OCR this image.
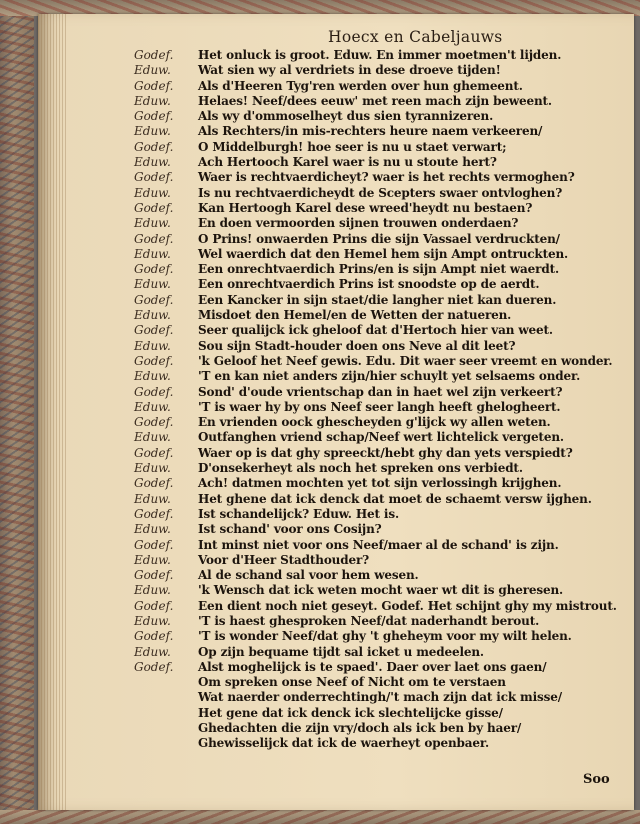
Hoecx en Cabeljauws
Godef.	Het onluck is groot. Eduw. En immer moetmen't lijden.
Eduw.	Wat sien wy al verdriets in dese droeve tijden!
Godef.	Als d'Heeren Tyg'ren werden over hun ghemeent.
Eduw.	Helaes! Neef/dees eeuw' met reen mach zijn beweent.
Godef.	Als wy d'ommoselheyt dus sien tyrannizeren.
Eduw.	Als Rechters/in mis-rechters heure naem verkeeren/
Godef.	O Middelburgh! hoe seer is nu u staet verwart;
Eduw.	Ach Hertooch Karel waer is nu u stoute hert?
Godef.	Waer is rechtvaerdicheyt? waer is het rechts vermoghen?
Eduw.	Is nu rechtvaerdicheydt de Scepters swaer ontvloghen?
Godef.	Kan Hertoogh Karel dese wreed'heydt nu bestaen?
Eduw.	En doen vermoorden sijnen trouwen onderdaen?
Godef.	O Prins! onwaerden Prins die sijn Vassael verdruckten/
Eduw.	Wel waerdich dat den Hemel hem sijn Ampt ontruckten.
Godef.	Een onrechtvaerdich Prins/en is sijn Ampt niet waerdt.
Eduw.	Een onrechtvaerdich Prins ist snoodste op de aerdt.
Godef.	Een Kancker in sijn staet/die langher niet kan dueren.
Eduw.	Misdoet den Hemel/en de Wetten der natueren.
Godef.	Seer qualijck ick gheloof dat d'Hertoch hier van weet.
Eduw.	Sou sijn Stadt-houder doen ons Neve al dit leet?
Godef.	'k Geloof het Neef gewis. Edu. Dit waer seer vreemt en wonder.
Eduw.	'T en kan niet anders zijn/hier schuylt yet selsaems onder.
Godef.	Sond' d'oude vrientschap dan in haet wel zijn verkeert?
Eduw.	'T is waer hy by ons Neef seer langh heeft ghelogheert.
Godef.	En vrienden oock ghescheyden g'lijck wy allen weten.
Eduw.	Outfanghen vriend schap/Neef wert lichtelick vergeten.
Godef.	Waer op is dat ghy spreeckt/hebt ghy dan yets verspiedt?
Eduw.	D'onsekerheyt als noch het spreken ons verbiedt.
Godef.	Ach! datmen mochten yet tot sijn verlossingh krijghen.
Eduw.	Het ghene dat ick denck dat moet de schaemt versw ijghen.
Godef.	Ist schandelijck? Eduw. Het is.
Eduw.	Ist schand' voor ons Cosijn?
Godef.	Int minst niet voor ons Neef/maer al de schand' is zijn.
Eduw.	Voor d'Heer Stadthouder?
Godef.	Al de schand sal voor hem wesen.
Eduw.	'k Wensch dat ick weten mocht waer wt dit is gheresen.
Godef.	Een dient noch niet geseyt. Godef. Het schijnt ghy my mistrout.
Eduw.	'T is haest ghesproken Neef/dat naderhandt berout.
Godef.	'T is wonder Neef/dat ghy 't gheheym voor my wilt helen.
Eduw.	Op zijn bequame tijdt sal icket u medeelen.
Godef.	Alst moghelijck is te spaed'. Daer over laet ons gaen/
Om spreken onse Neef of Nicht om te verstaen
Wat naerder onderrechtingh/'t mach zijn dat ick misse/
Het gene dat ick denck ick slechtelijcke gisse/
Ghedachten die zijn vry/doch als ick ben by haer/
Ghewisselijck dat ick de waerheyt openbaer.
Soo
